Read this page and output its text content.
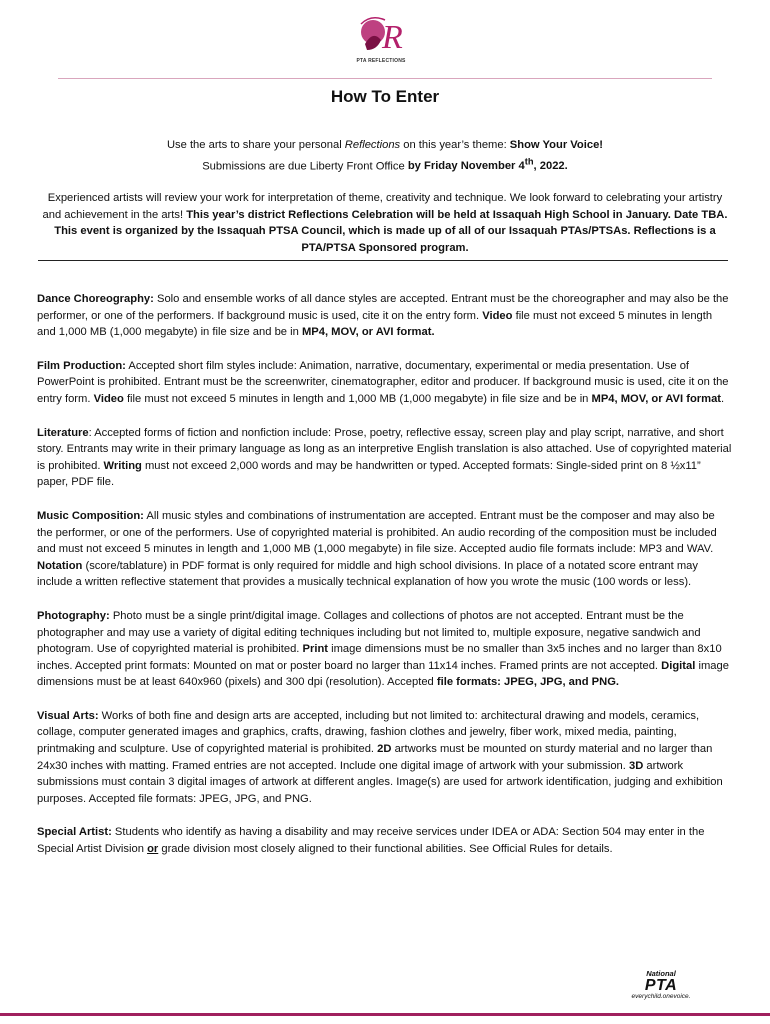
R
PTA REFLECTIONS
How To Enter

Use the arts to share your personal Reflections on this year’s theme: Show Your Voice!

Submissions are due Liberty Front Office by Friday November 4th, 2022.

Experienced artists will review your work for interpretation of theme, creativity and technique. We look forward to celebrating your artistry and achievement in the arts! This year’s district Reflections Celebration will be held at Issaquah High School in January. Date TBA. This event is organized by the Issaquah PTSA Council, which is made up of all of our Issaquah PTAs/PTSAs. Reflections is a PTA/PTSA Sponsored program.

Dance Choreography: Solo and ensemble works of all dance styles are accepted. Entrant must be the choreographer and may also be the performer, or one of the performers. If background music is used, cite it on the entry form. Video file must not exceed 5 minutes in length and 1,000 MB (1,000 megabyte) in file size and be in MP4, MOV, or AVI format.

Film Production: Accepted short film styles include: Animation, narrative, documentary, experimental or media presentation. Use of PowerPoint is prohibited. Entrant must be the screenwriter, cinematographer, editor and producer. If background music is used, cite it on the entry form. Video file must not exceed 5 minutes in length and 1,000 MB (1,000 megabyte) in file size and be in MP4, MOV, or AVI format.

Literature: Accepted forms of fiction and nonfiction include: Prose, poetry, reflective essay, screen play and play script, narrative, and short story. Entrants may write in their primary language as long as an interpretive English translation is also attached. Use of copyrighted material is prohibited. Writing must not exceed 2,000 words and may be handwritten or typed. Accepted formats: Single-sided print on 8 ½x11” paper, PDF file.

Music Composition: All music styles and combinations of instrumentation are accepted. Entrant must be the composer and may also be the performer, or one of the performers. Use of copyrighted material is prohibited. An audio recording of the composition must be included and must not exceed 5 minutes in length and 1,000 MB (1,000 megabyte) in file size. Accepted audio file formats include: MP3 and WAV. Notation (score/tablature) in PDF format is only required for middle and high school divisions. In place of a notated score entrant may include a written reflective statement that provides a musically technical explanation of how you wrote the music (100 words or less).

Photography: Photo must be a single print/digital image. Collages and collections of photos are not accepted. Entrant must be the photographer and may use a variety of digital editing techniques including but not limited to, multiple exposure, negative sandwich and photogram. Use of copyrighted material is prohibited. Print image dimensions must be no smaller than 3x5 inches and no larger than 8x10 inches. Accepted print formats: Mounted on mat or poster board no larger than 11x14 inches. Framed prints are not accepted. Digital image dimensions must be at least 640x960 (pixels) and 300 dpi (resolution). Accepted file formats: JPEG, JPG, and PNG.

Visual Arts: Works of both fine and design arts are accepted, including but not limited to: architectural drawing and models, ceramics, collage, computer generated images and graphics, crafts, drawing, fashion clothes and jewelry, fiber work, mixed media, painting, printmaking and sculpture. Use of copyrighted material is prohibited. 2D artworks must be mounted on sturdy material and no larger than 24x30 inches with matting. Framed entries are not accepted. Include one digital image of artwork with your submission. 3D artwork submissions must contain 3 digital images of artwork at different angles. Image(s) are used for artwork identification, judging and exhibition purposes. Accepted file formats: JPEG, JPG, and PNG.

Special Artist: Students who identify as having a disability and may receive services under IDEA or ADA: Section 504 may enter in the Special Artist Division or grade division most closely aligned to their functional abilities. See Official Rules for details.

National
PTA
everychild.onevoice.
